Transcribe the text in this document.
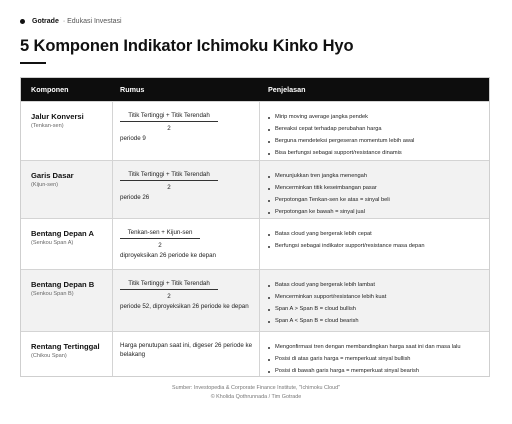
Gotrade · Edukasi Investasi
5 Komponen Indikator Ichimoku Kinko Hyo
Komponen	Rumus	Penjelasan
Jalur Konversi
(Tenkan-sen)
Titik Tertinggi + Titik Terendah
2
periode 9
Mirip moving average jangka pendek
Bereaksi cepat terhadap perubahan harga
Berguna mendeteksi pergeseran momentum lebih awal
Bisa berfungsi sebagai support/resistance dinamis
Garis Dasar
(Kijun-sen)
Titik Tertinggi + Titik Terendah
2
periode 26
Menunjukkan tren jangka menengah
Mencerminkan titik keseimbangan pasar
Perpotongan Tenkan-sen ke atas = sinyal beli
Perpotongan ke bawah = sinyal jual
Bentang Depan A
(Senkou Span A)
Tenkan-sen + Kijun-sen
2
diproyeksikan 26 periode ke depan
Batas cloud yang bergerak lebih cepat
Berfungsi sebagai indikator support/resistance masa depan
Bentang Depan B
(Senkou Span B)
Titik Tertinggi + Titik Terendah
2
periode 52, diproyeksikan 26 periode ke depan
Batas cloud yang bergerak lebih lambat
Mencerminkan support/resistance lebih kuat
Span A > Span B = cloud bullish
Span A < Span B = cloud bearish
Rentang Tertinggal
(Chikou Span)
Harga penutupan saat ini, digeser 26 periode ke belakang
Mengonfirmasi tren dengan membandingkan harga saat ini dan masa lalu
Posisi di atas garis harga = memperkuat sinyal bullish
Posisi di bawah garis harga = memperkuat sinyal bearish
Sumber: Investopedia & Corporate Finance Institute, "Ichimoku Cloud"
© Kholida Qothrunnada / Tim Gotrade
